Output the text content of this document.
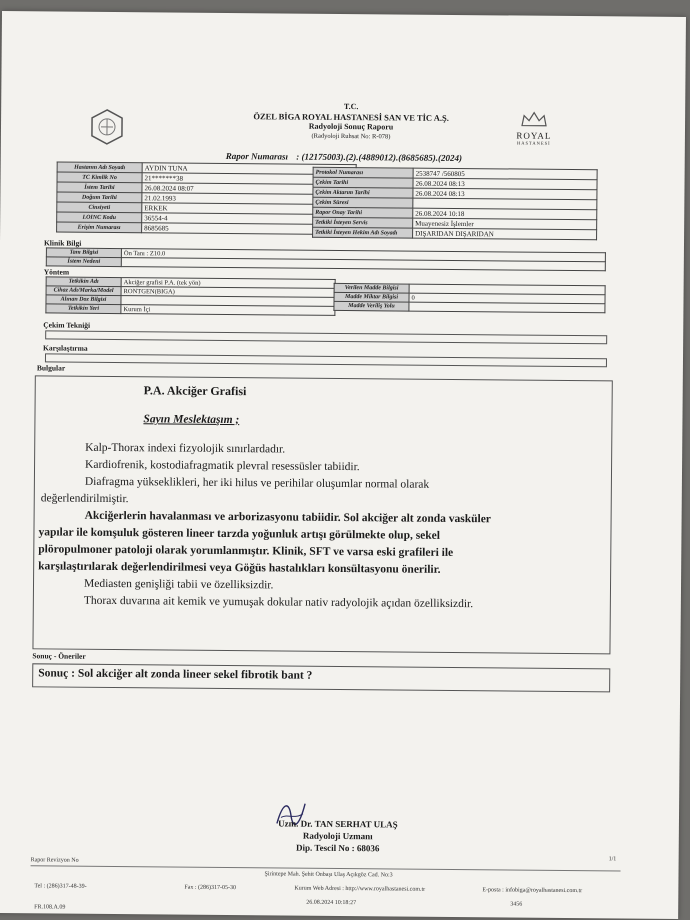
T.C.
ÖZEL BİGA ROYAL HASTANESİ SAN VE TİC A.Ş.
Radyoloji Sonuç Raporu
(Radyoloji Ruhsat No: R-078)	ROYAL
HASTANESİ
Rapor Numarası : (12175003).(2).(4889012).(8685685).(2024)
Hastanın Adı Soyadı	AYDIN TUNA
TC Kimlik No	21*******38
İstem Tarihi	26.08.2024 08:07
Doğum Tarihi	21.02.1993
Cinsiyeti	ERKEK
LOINC Kodu	36554-4
Erişim Numarası	8685685
Protokol Numarası	2538747 /560805
Çekim Tarihi	26.08.2024 08:13
Çekim Aktarım Tarihi	26.08.2024 08:13
Çekim Süresi	
Rapor Onay Tarihi	26.08.2024 10:18
Tetkiki İsteyen Servis	Muayenesiz İşlemler
Tetkiki İsteyen Hekim Adı Soyadı	DIŞARIDAN DIŞARIDAN
Klinik Bilgi
Tanı Bilgisi	Ön Tanı : Z10.0
İstem Nedeni	
Yöntem
Tetkikin Adı	Akciğer grafisi P.A. (tek yön)
Cihaz Adı/Marka/Model	RONTGEN(BIGA)
Alınan Doz Bilgisi	
Tetkikin Yeri	Kurum İçi
Verilen Madde Bilgisi	
Madde Miktar Bilgisi	0
Madde Veriliş Yolu	
Çekim Tekniği
Karşılaştırma
Bulgular
P.A. Akciğer Grafisi
Sayın Meslektaşım ;
Kalp-Thorax indexi fizyolojik sınırlardadır.
Kardiofrenik, kostodiafragmatik plevral resessüsler tabiidir.
Diafragma yükseklikleri, her iki hilus ve perihilar oluşumlar normal olarak
değerlendirilmiştir.
Akciğerlerin havalanması ve arborizasyonu tabiidir. Sol akciğer alt zonda vasküler
yapılar ile komşuluk gösteren lineer tarzda yoğunluk artışı görülmekte olup, sekel
plöropulmoner patoloji olarak yorumlanmıştır. Klinik, SFT ve varsa eski grafileri ile
karşılaştırılarak değerlendirilmesi veya Göğüs hastalıkları konsültasyonu önerilir.
Mediasten genişliği tabii ve özelliksizdir.
Thorax duvarına ait kemik ve yumuşak dokular nativ radyolojik açıdan özelliksizdir.
Sonuç - Öneriler
Sonuç : Sol akciğer alt zonda lineer sekel fibrotik bant ?
Uzm. Dr. TAN SERHAT ULAŞ
Radyoloji Uzmanı
Dip. Tescil No : 68036
Rapor Revizyon No	1/1
Şirintepe Mah. Şehit Onbaşı Ulaş Açıkgöz Cad. No:3
Tel : (286)317-48-39-	Fax : (286)317-05-30	Kurum Web Adresi : http://www.royalhastanesi.com.tr	E-posta : infobiga@royalhastanesi.com.tr
26.08.2024 10:18:27	3456
FR.108.A.09
